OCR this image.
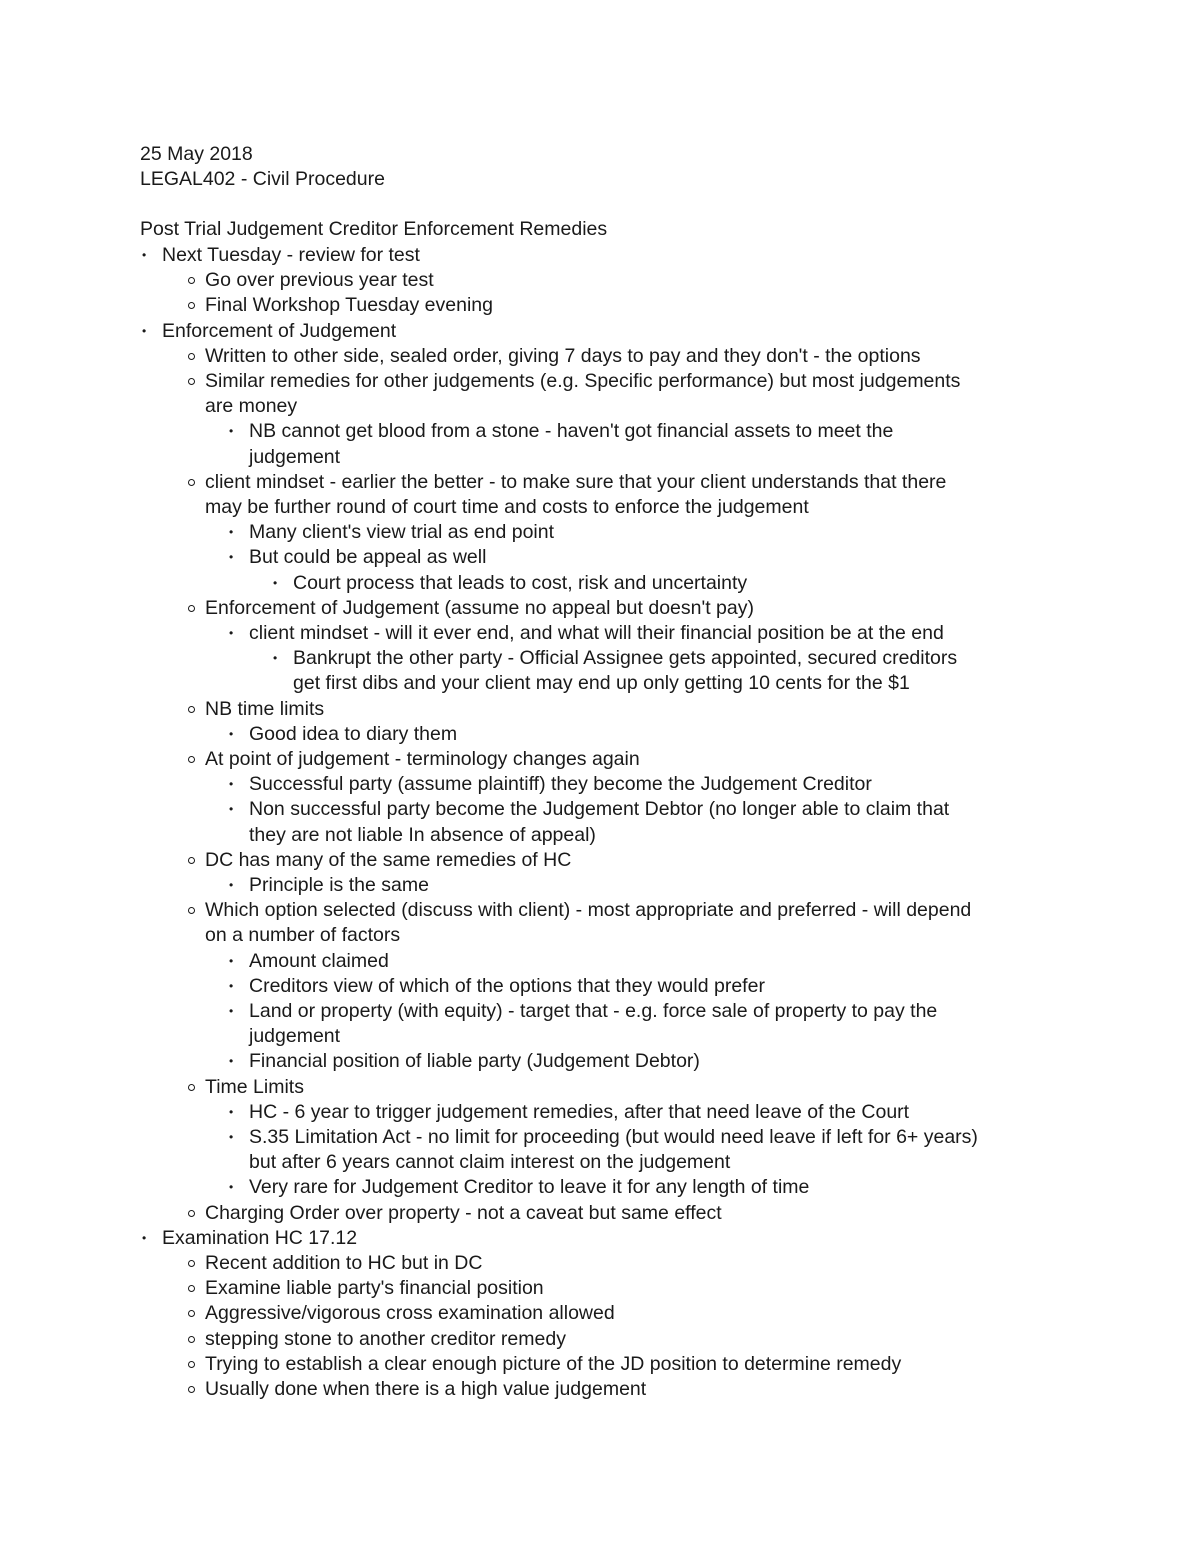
25 May 2018
LEGAL402 - Civil Procedure
Post Trial Judgement Creditor Enforcement Remedies
• Next Tuesday - review for test
Go over previous year test
Final Workshop Tuesday evening
• Enforcement of Judgement
Written to other side, sealed order, giving 7 days to pay and they don't - the options
Similar remedies for other judgements (e.g. Specific performance) but most judgements
are money
• NB cannot get blood from a stone - haven't got financial assets to meet the
judgement
client mindset - earlier the better - to make sure that your client understands that there
may be further round of court time and costs to enforce the judgement
• Many client's view trial as end point
• But could be appeal as well
• Court process that leads to cost, risk and uncertainty
Enforcement of Judgement (assume no appeal but doesn't pay)
• client mindset - will it ever end, and what will their financial position be at the end
• Bankrupt the other party - Official Assignee gets appointed, secured creditors
get first dibs and your client may end up only getting 10 cents for the $1
NB time limits
• Good idea to diary them
At point of judgement - terminology changes again
• Successful party (assume plaintiff) they become the Judgement Creditor
• Non successful party become the Judgement Debtor (no longer able to claim that
they are not liable In absence of appeal)
DC has many of the same remedies of HC
• Principle is the same
Which option selected (discuss with client) - most appropriate and preferred - will depend
on a number of factors
• Amount claimed
• Creditors view of which of the options that they would prefer
• Land or property (with equity) - target that - e.g. force sale of property to pay the
judgement
• Financial position of liable party (Judgement Debtor)
Time Limits
• HC - 6 year to trigger judgement remedies, after that need leave of the Court
• S.35 Limitation Act - no limit for proceeding (but would need leave if left for 6+ years)
but after 6 years cannot claim interest on the judgement
• Very rare for Judgement Creditor to leave it for any length of time
Charging Order over property - not a caveat but same effect
• Examination HC 17.12
Recent addition to HC but in DC
Examine liable party's financial position
Aggressive/vigorous cross examination allowed
stepping stone to another creditor remedy
Trying to establish a clear enough picture of the JD position to determine remedy
Usually done when there is a high value judgement
